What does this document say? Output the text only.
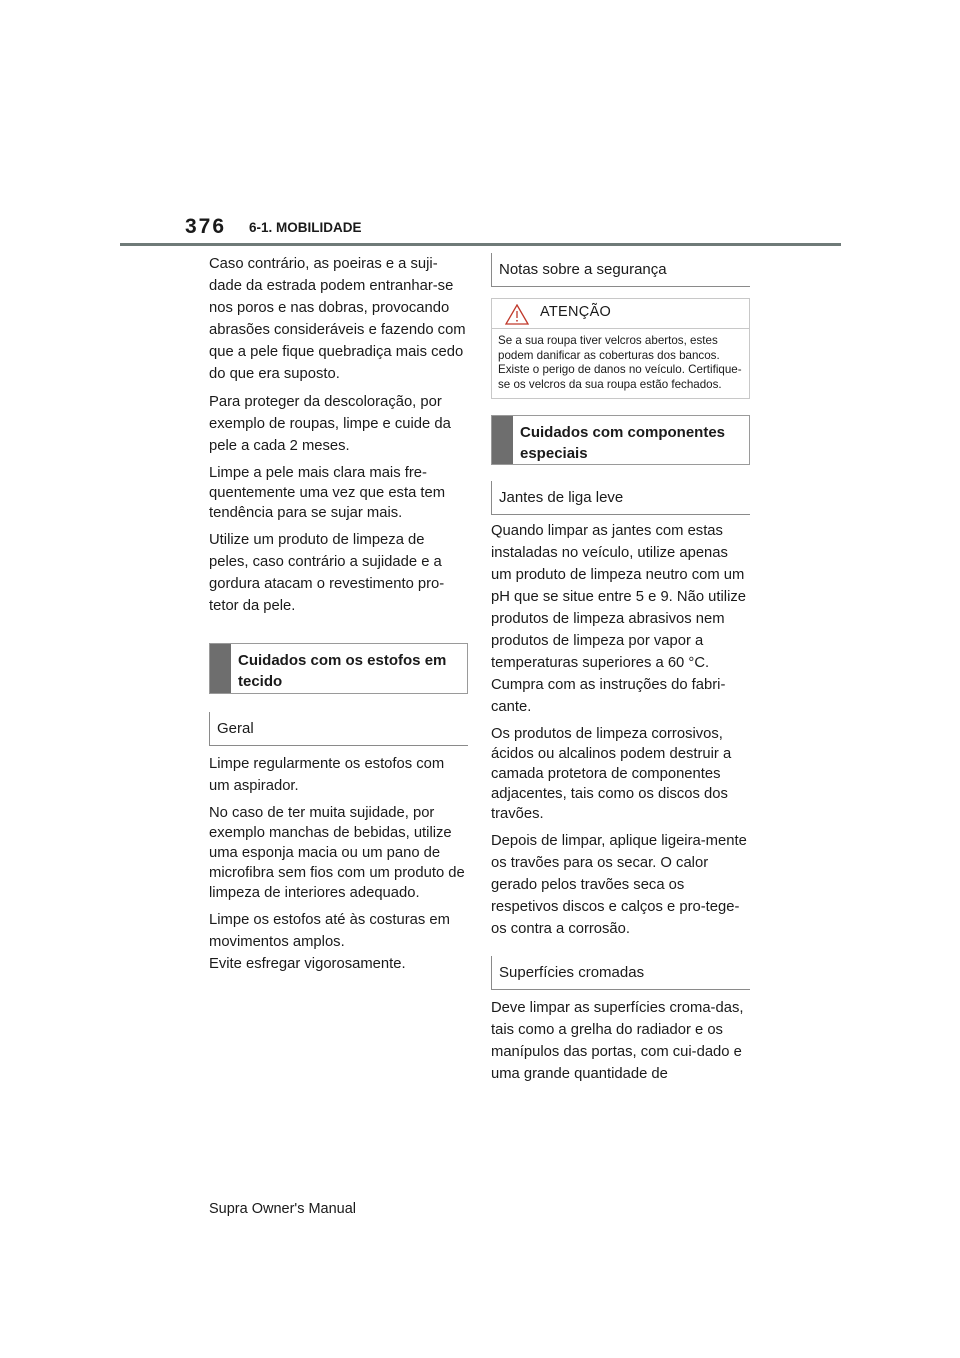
376 6-1. MOBILIDADE

Caso contrário, as poeiras e a suji-dade da estrada podem entranhar-se nos poros e nas dobras, provocando abrasões consideráveis e fazendo com que a pele fique quebradiça mais cedo do que era suposto.

Para proteger da descoloração, por exemplo de roupas, limpe e cuide da pele a cada 2 meses.

Limpe a pele mais clara mais fre-quentemente uma vez que esta tem tendência para se sujar mais.

Utilize um produto de limpeza de peles, caso contrário a sujidade e a gordura atacam o revestimento pro-tetor da pele.

Cuidados com os estofos em tecido
Geral

Limpe regularmente os estofos com um aspirador.

No caso de ter muita sujidade, por exemplo manchas de bebidas, utilize uma esponja macia ou um pano de microfibra sem fios com um produto de limpeza de interiores adequado.

Limpe os estofos até às costuras em movimentos amplos.

Evite esfregar vigorosamente.

Notas sobre a segurança
ATENÇÃO
Se a sua roupa tiver velcros abertos, estes podem danificar as coberturas dos bancos. Existe o perigo de danos no veículo. Certifique-se os velcros da sua roupa estão fechados.
Cuidados com componentes especiais
Jantes de liga leve

Quando limpar as jantes com estas instaladas no veículo, utilize apenas um produto de limpeza neutro com um pH que se situe entre 5 e 9. Não utilize produtos de limpeza abrasivos nem produtos de limpeza por vapor a temperaturas superiores a 60 °C. Cumpra com as instruções do fabri-cante.

Os produtos de limpeza corrosivos, ácidos ou alcalinos podem destruir a camada protetora de componentes adjacentes, tais como os discos dos travões.

Depois de limpar, aplique ligeira-mente os travões para os secar. O calor gerado pelos travões seca os respetivos discos e calços e pro-tege-os contra a corrosão.

Superfícies cromadas

Deve limpar as superfícies croma-das, tais como a grelha do radiador e os manípulos das portas, com cui-dado e uma grande quantidade de

Supra Owner's Manual
